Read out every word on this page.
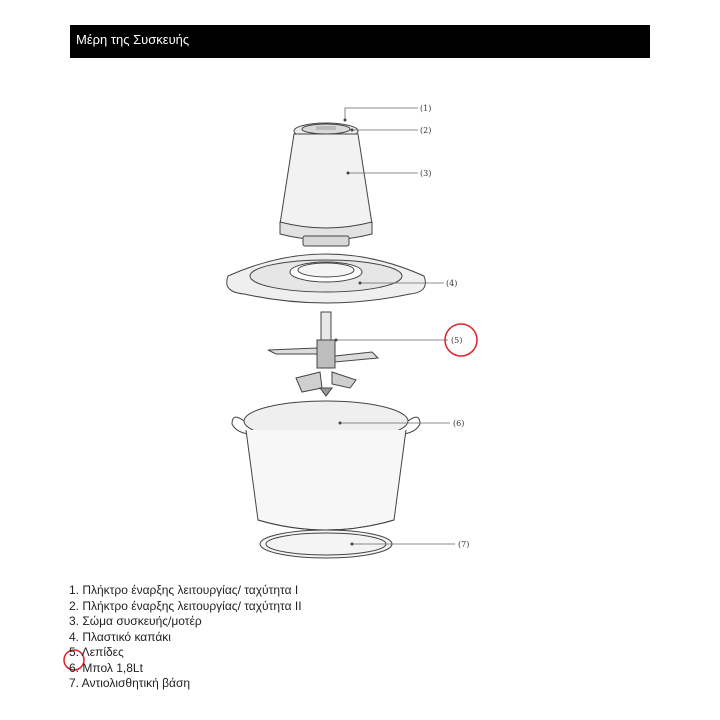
Μέρη της Συσκευής
(1)
(2)
(3)
(4)
(5)
(6)
(7)
1. Πλήκτρο έναρξης λειτουργίας/ ταχύτητα I
2. Πλήκτρο έναρξης λειτουργίας/ ταχύτητα II
3. Σώμα συσκευής/μοτέρ
4. Πλαστικό καπάκι
5. Λεπίδες
6. Μπολ 1,8Lt
7. Αντιολισθητική βάση
